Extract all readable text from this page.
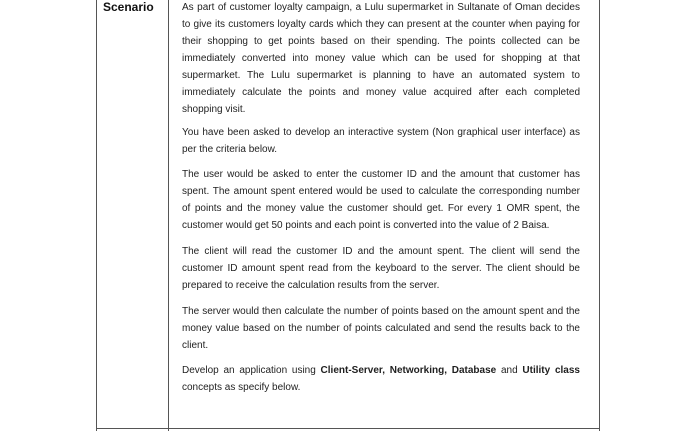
Scenario	As part of customer loyalty campaign, a Lulu supermarket in Sultanate of Oman decides to give its customers loyalty cards which they can present at the counter when paying for their shopping to get points based on their spending. The points collected can be immediately converted into money value which can be used for shopping at that supermarket. The Lulu supermarket is planning to have an automated system to immediately calculate the points and money value acquired after each completed shopping visit.

You have been asked to develop an interactive system (Non graphical user interface) as per the criteria below.

The user would be asked to enter the customer ID and the amount that customer has spent. The amount spent entered would be used to calculate the corresponding number of points and the money value the customer should get. For every 1 OMR spent, the customer would get 50 points and each point is converted into the value of 2 Baisa.

The client will read the customer ID and the amount spent. The client will send the customer ID amount spent read from the keyboard to the server. The client should be prepared to receive the calculation results from the server.

The server would then calculate the number of points based on the amount spent and the money value based on the number of points calculated and send the results back to the client.

Develop an application using Client-Server, Networking, Database and Utility class concepts as specify below.
